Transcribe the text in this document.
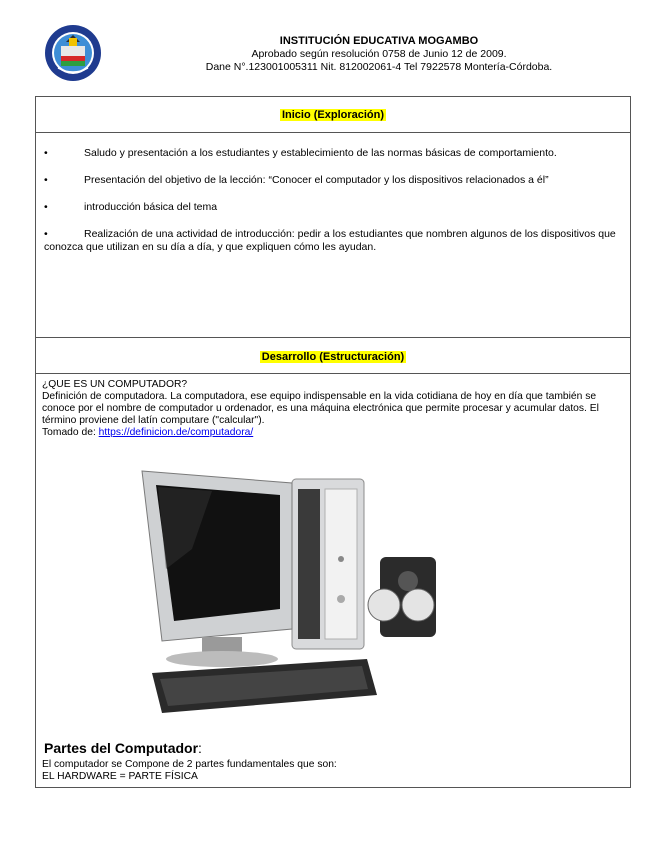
INSTITUCIÓN EDUCATIVA MOGAMBO
Aprobado según resolución 0758 de Junio 12 de 2009.
Dane N°.123001005311 Nit. 812002061-4 Tel 7922578 Montería-Córdoba.
Inicio (Exploración)
•	Saludo y presentación a los estudiantes y establecimiento de las normas básicas de comportamiento.
•	Presentación del objetivo de la lección: “Conocer el computador y los dispositivos relacionados a él”
•	introducción básica del tema
•	Realización de una actividad de introducción: pedir a los estudiantes que nombren algunos de los dispositivos que conozca que utilizan en su día a día, y que expliquen cómo les ayudan.
Desarrollo (Estructuración)

¿QUE ES UN COMPUTADOR?

Definición de computadora. La computadora, ese equipo indispensable en la vida cotidiana de hoy en día que también se conoce por el nombre de computador u ordenador, es una máquina electrónica que permite procesar y acumular datos. El término proviene del latín computare ("calcular").

Tomado de: https://definicion.de/computadora/

Partes del Computador:
El computador se Compone de 2 partes fundamentales que son:
EL HARDWARE = PARTE FÍSICA
